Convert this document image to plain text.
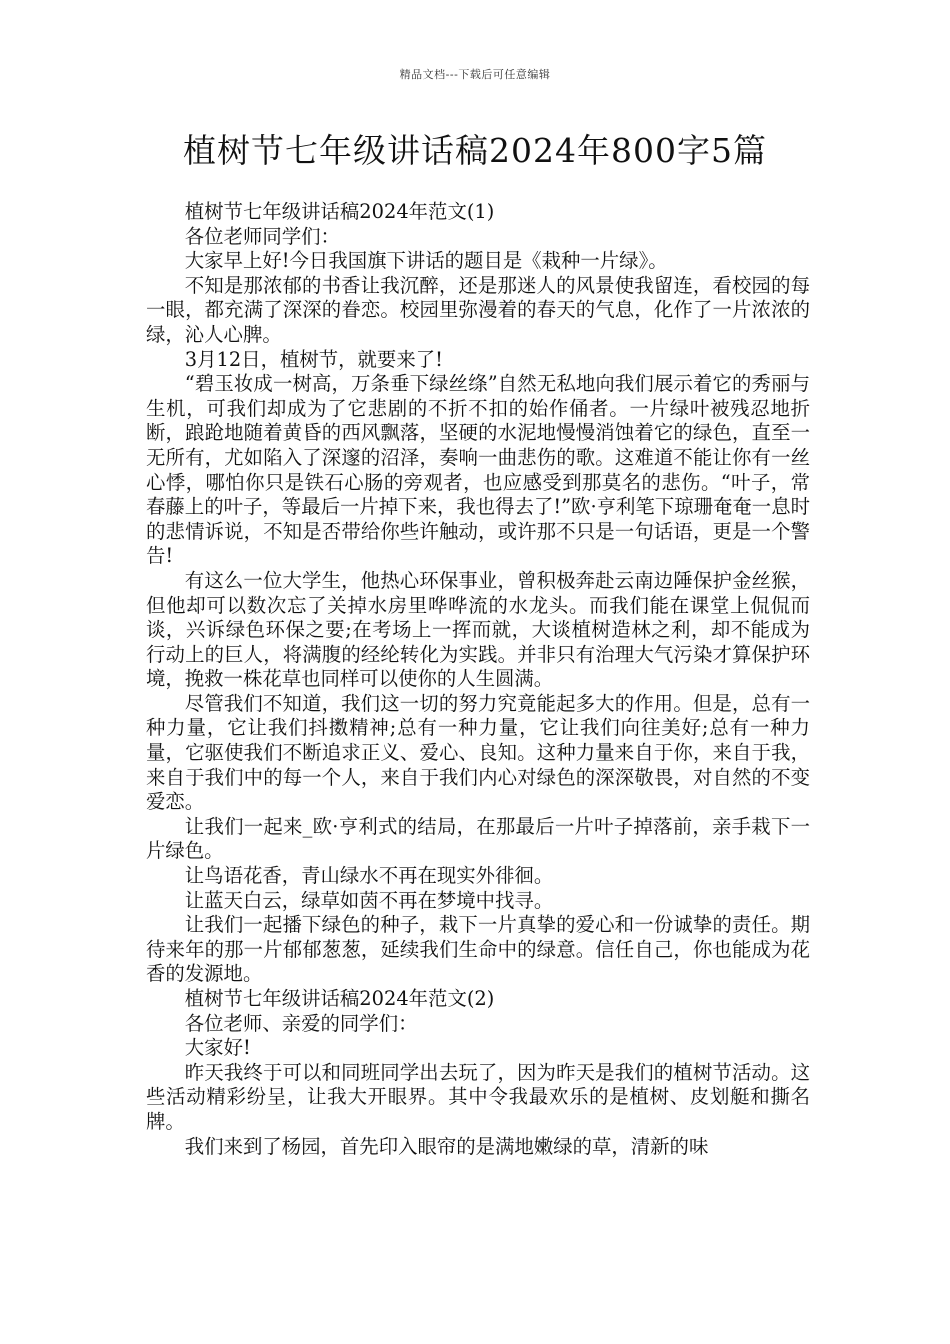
精品文档---下载后可任意编辑
植树节七年级讲话稿2024年800字5篇

植树节七年级讲话稿2024年范文(1)

各位老师同学们：

大家早上好!今日我国旗下讲话的题目是《栽种一片绿》。

不知是那浓郁的书香让我沉醉，还是那迷人的风景使我留连，看校园的每一眼，都充满了深深的眷恋。校园里弥漫着的春天的气息，化作了一片浓浓的绿，沁人心脾。

3月12日，植树节，就要来了!

“碧玉妆成一树高，万条垂下绿丝绦”自然无私地向我们展示着它的秀丽与生机，可我们却成为了它悲剧的不折不扣的始作俑者。一片绿叶被残忍地折断，踉跄地随着黄昏的西风飘落，坚硬的水泥地慢慢消蚀着它的绿色，直至一无所有，尤如陷入了深邃的沼泽，奏响一曲悲伤的歌。这难道不能让你有一丝心悸，哪怕你只是铁石心肠的旁观者，也应感受到那莫名的悲伤。“叶子，常春藤上的叶子，等最后一片掉下来，我也得去了!”欧·亨利笔下琼珊奄奄一息时的悲情诉说，不知是否带给你些许触动，或许那不只是一句话语，更是一个警告!

有这么一位大学生，他热心环保事业，曾积极奔赴云南边陲保护金丝猴，但他却可以数次忘了关掉水房里哗哗流的水龙头。而我们能在课堂上侃侃而谈，兴诉绿色环保之要;在考场上一挥而就，大谈植树造林之利，却不能成为行动上的巨人，将满腹的经纶转化为实践。并非只有治理大气污染才算保护环境，挽救一株花草也同样可以使你的人生圆满。

尽管我们不知道，我们这一切的努力究竟能起多大的作用。但是，总有一种力量，它让我们抖擞精神;总有一种力量，它让我们向往美好;总有一种力量，它驱使我们不断追求正义、爱心、良知。这种力量来自于你，来自于我，来自于我们中的每一个人，来自于我们内心对绿色的深深敬畏，对自然的不变爱恋。

让我们一起来_欧·亨利式的结局，在那最后一片叶子掉落前，亲手栽下一片绿色。

让鸟语花香，青山绿水不再在现实外徘徊。

让蓝天白云，绿草如茵不再在梦境中找寻。

让我们一起播下绿色的种子，栽下一片真挚的爱心和一份诚挚的责任。期待来年的那一片郁郁葱葱，延续我们生命中的绿意。信任自己，你也能成为花香的发源地。

植树节七年级讲话稿2024年范文(2)

各位老师、亲爱的同学们：

大家好!

昨天我终于可以和同班同学出去玩了，因为昨天是我们的植树节活动。这些活动精彩纷呈，让我大开眼界。其中令我最欢乐的是植树、皮划艇和撕名牌。

我们来到了杨园，首先印入眼帘的是满地嫩绿的草，清新的味
